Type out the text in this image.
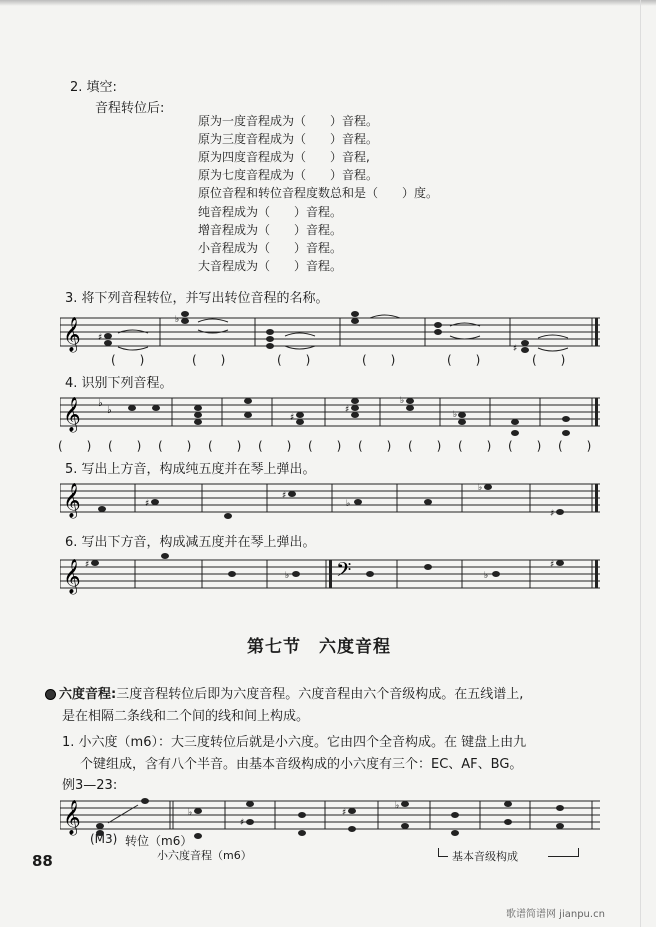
2. 填空:
音程转位后:
原为一度音程成为（　　）音程。
原为三度音程成为（　　）音程。
原为四度音程成为（　　）音程,
原为七度音程成为（　　）音程。
原位音程和转位音程度数总和是（　　）度。
纯音程成为（　　）音程。
增音程成为（　　）音程。
小音程成为（　　）音程。
大音程成为（　　）音程。
3. 将下列音程转位，并写出转位音程的名称。
𝄞 ♯
♭
♯
(　　)	(　　)	(　　)	(　　)	(　　)	(　　)
4. 识别下列音程。
𝄞 ♭
♭
♯
♯
♭
♭
(　　) (　　) (　　) (　　) (　　) (　　) (　　) (　　) (　　) (　　) (　　)
5. 写出上方音，构成纯五度并在琴上弹出。
𝄞	♯
♯
♭
♭
♯
6. 写出下方音，构成减五度并在琴上弹出。
𝄞	𝄢
♯
♭	♭
♯
第七节　六度音程
六度音程:三度音程转位后即为六度音程。六度音程由六个音级构成。在五线谱上,
是在相隔二条线和二个间的线和间上构成。
1. 小六度（m6）：大三度转位后就是小六度。它由四个全音构成。在 键盘上由九
个键组成，含有八个半音。由基本音级构成的小六度有三个：EC、AF、BG。
例3—23:
𝄞	♭
♯
♯
♭
(M3) 转位（m6）
小六度音程（m6）	基本音级构成
88
歌谱简谱网 jianpu.cn
